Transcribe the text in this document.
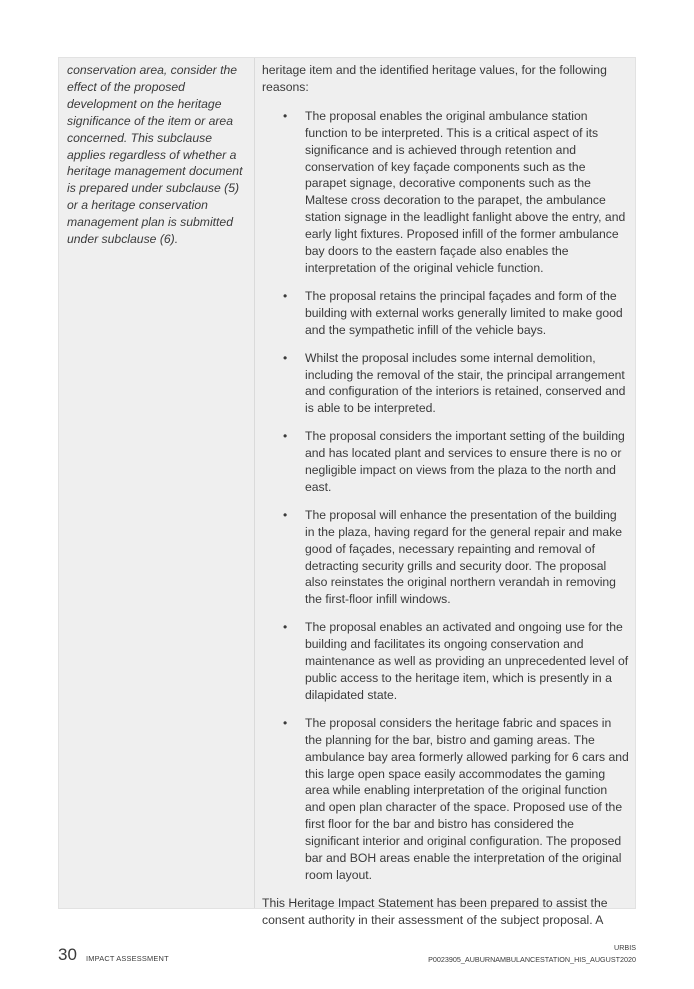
conservation area, consider the effect of the proposed development on the heritage significance of the item or area concerned. This subclause applies regardless of whether a heritage management document is prepared under subclause (5) or a heritage conservation management plan is submitted under subclause (6).

heritage item and the identified heritage values, for the following reasons:

• The proposal enables the original ambulance station function to be interpreted. This is a critical aspect of its significance and is achieved through retention and conservation of key façade components such as the parapet signage, decorative components such as the Maltese cross decoration to the parapet, the ambulance station signage in the leadlight fanlight above the entry, and early light fixtures. Proposed infill of the former ambulance bay doors to the eastern façade also enables the interpretation of the original vehicle function.
• The proposal retains the principal façades and form of the building with external works generally limited to make good and the sympathetic infill of the vehicle bays.
• Whilst the proposal includes some internal demolition, including the removal of the stair, the principal arrangement and configuration of the interiors is retained, conserved and is able to be interpreted.
• The proposal considers the important setting of the building and has located plant and services to ensure there is no or negligible impact on views from the plaza to the north and east.
• The proposal will enhance the presentation of the building in the plaza, having regard for the general repair and make good of façades, necessary repainting and removal of detracting security grills and security door. The proposal also reinstates the original northern verandah in removing the first-floor infill windows.
• The proposal enables an activated and ongoing use for the building and facilitates its ongoing conservation and maintenance as well as providing an unprecedented level of public access to the heritage item, which is presently in a dilapidated state.
• The proposal considers the heritage fabric and spaces in the planning for the bar, bistro and gaming areas. The ambulance bay area formerly allowed parking for 6 cars and this large open space easily accommodates the gaming area while enabling interpretation of the original function and open plan character of the space. Proposed use of the first floor for the bar and bistro has considered the significant interior and original configuration. The proposed bar and BOH areas enable the interpretation of the original room layout.

This Heritage Impact Statement has been prepared to assist the consent authority in their assessment of the subject proposal. A

30 IMPACT ASSESSMENT
URBIS
P0023905_AUBURNAMBULANCESTATION_HIS_AUGUST2020
